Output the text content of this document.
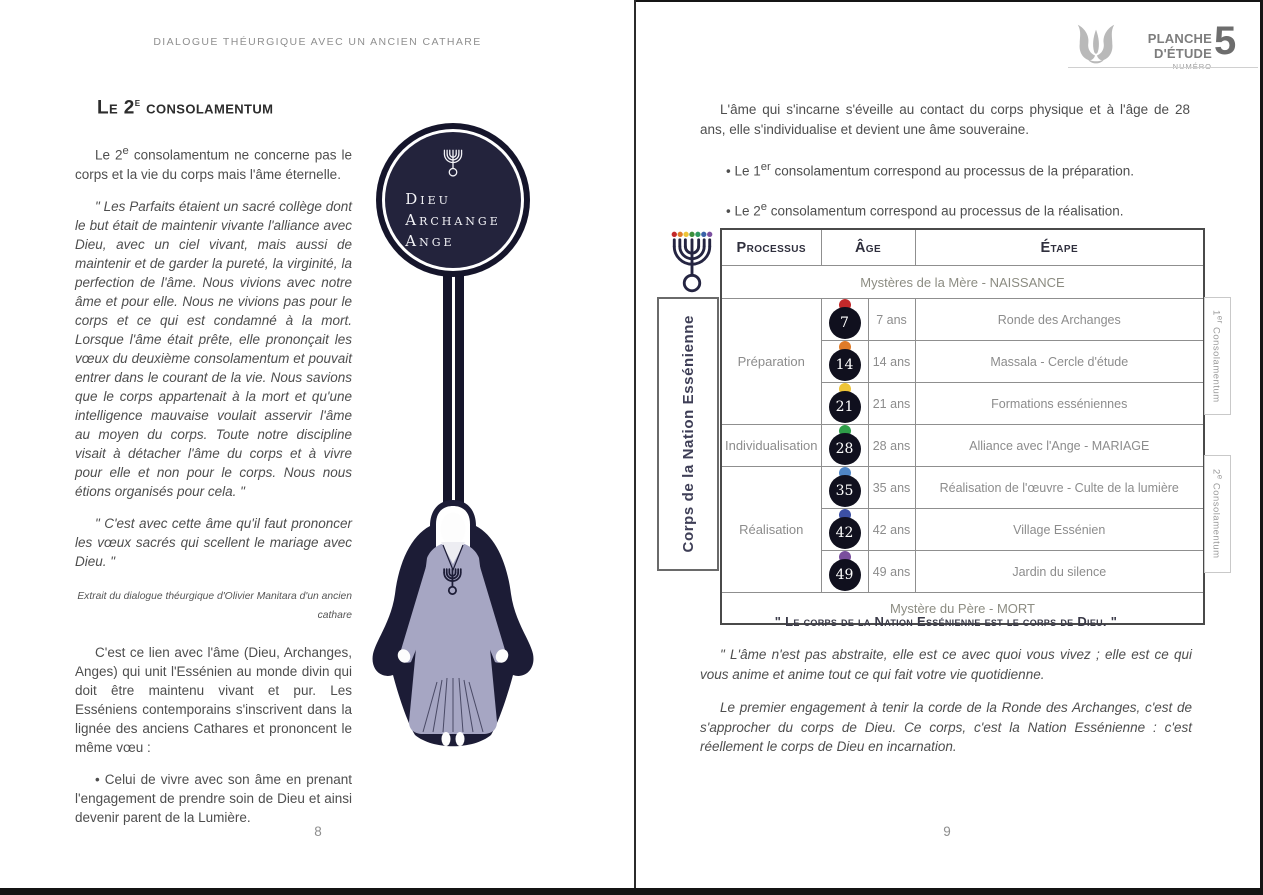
DIALOGUE THÉURGIQUE AVEC UN ANCIEN CATHARE
Le 2e consolamentum
Le 2e consolamentum ne concerne pas le corps et la vie du corps mais l'âme éternelle.
" Les Parfaits étaient un sacré collège dont le but était de maintenir vivante l'alliance avec Dieu, avec un ciel vivant, mais aussi de maintenir et de garder la pureté, la virginité, la perfection de l'âme. Nous vivions avec notre âme et pour elle. Nous ne vivions pas pour le corps et ce qui est condamné à la mort. Lorsque l'âme était prête, elle prononçait les vœux du deuxième consolamentum et pouvait entrer dans le courant de la vie. Nous savions que le corps appartenait à la mort et qu'une intelligence mauvaise voulait asservir l'âme au moyen du corps. Toute notre discipline visait à détacher l'âme du corps et à vivre pour elle et non pour le corps. Nous nous étions organisés pour cela. "
" C'est avec cette âme qu'il faut prononcer les vœux sacrés qui scellent le mariage avec Dieu. "
Extrait du dialogue théurgique d'Olivier Manitara d'un ancien cathare
C'est ce lien avec l'âme (Dieu, Archanges, Anges) qui unit l'Essénien au monde divin qui doit être maintenu vivant et pur. Les Esséniens contemporains s'inscrivent dans la lignée des anciens Cathares et prononcent le même vœu :
• Celui de vivre avec son âme en prenant l'engagement de prendre soin de Dieu et ainsi devenir parent de la Lumière.
Dieu
Archange
Ange
8
PLANCHE D'ÉTUDE 5
L'âme qui s'incarne s'éveille au contact du corps physique et à l'âge de 28 ans, elle s'individualise et devient une âme souveraine.
• Le 1er consolamentum correspond au processus de la préparation.
• Le 2e consolamentum correspond au processus de la réalisation.
Corps de la Nation Essénienne
Processus	Âge		Étape
Mystères de la Mère - NAISSANCE			
Préparation	7	7 ans	Ronde des Archanges

	14	14 ans	Massala - Cercle d'étude

	21	21 ans	Formations esséniennes
Individualisation	28	28 ans	Alliance avec l'Ange - MARIAGE
Réalisation	35	35 ans	Réalisation de l'œuvre - Culte de la lumière

	42	42 ans	Village Essénien

	49	49 ans	Jardin du silence
Mystère du Père - MORT			
1er Consolamentum
2e Consolamentum
" Le corps de la Nation Essénienne est le corps de Dieu. "
" L'âme n'est pas abstraite, elle est ce avec quoi vous vivez ; elle est ce qui vous anime et anime tout ce qui fait votre vie quotidienne.
Le premier engagement à tenir la corde de la Ronde des Archanges, c'est de s'approcher du corps de Dieu. Ce corps, c'est la Nation Essénienne : c'est réellement le corps de Dieu en incarnation.
9
